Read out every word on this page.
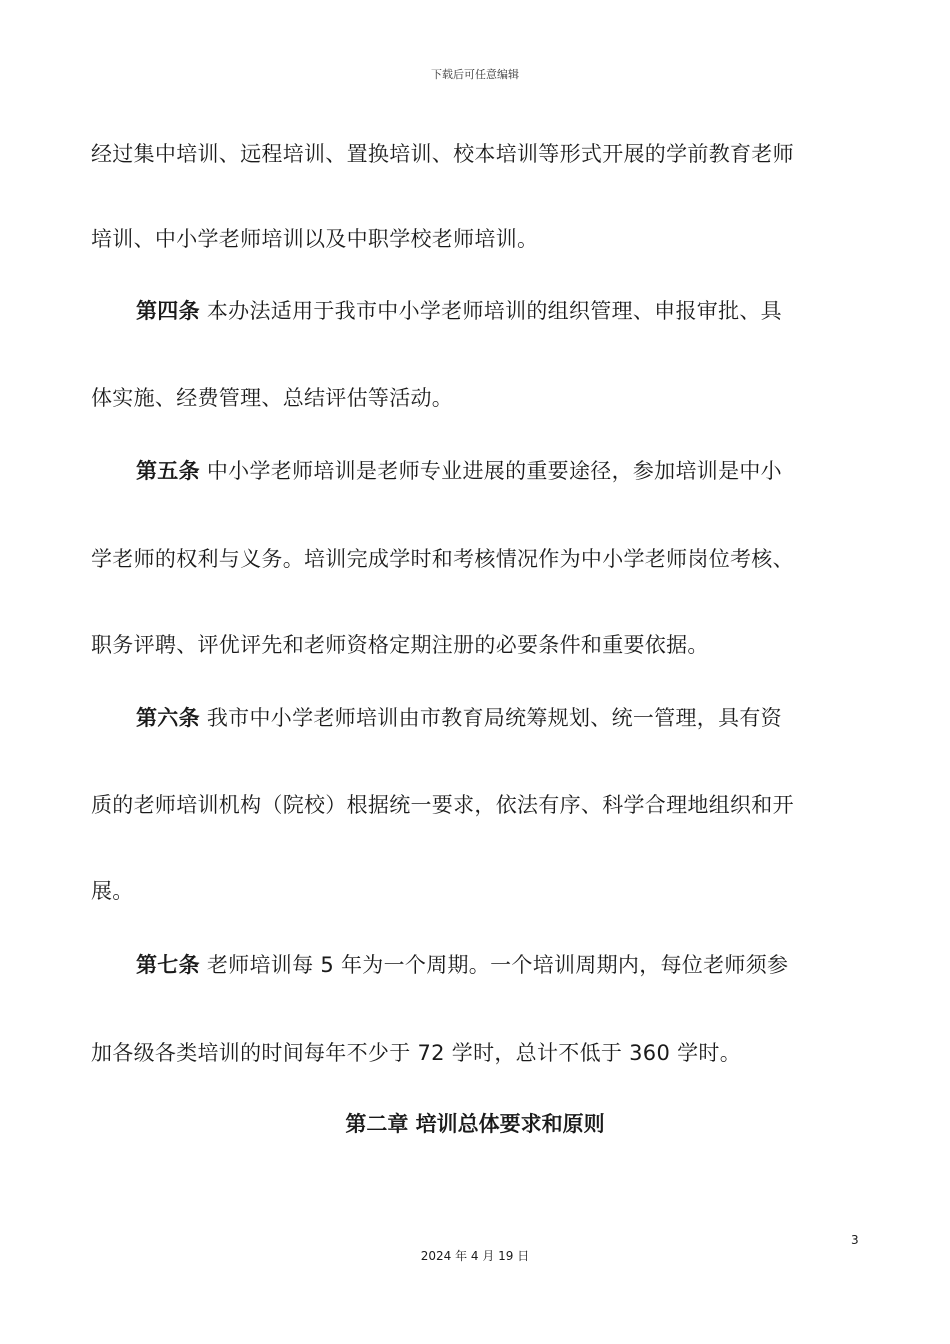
下载后可任意编辑
经过集中培训、远程培训、置换培训、校本培训等形式开展的学前教育老师
培训、中小学老师培训以及中职学校老师培训。
第四条 本办法适用于我市中小学老师培训的组织管理、申报审批、具
体实施、经费管理、总结评估等活动。
第五条 中小学老师培训是老师专业进展的重要途径，参加培训是中小
学老师的权利与义务。培训完成学时和考核情况作为中小学老师岗位考核、
职务评聘、评优评先和老师资格定期注册的必要条件和重要依据。
第六条 我市中小学老师培训由市教育局统筹规划、统一管理，具有资
质的老师培训机构（院校）根据统一要求，依法有序、科学合理地组织和开
展。
第七条 老师培训每 5 年为一个周期。一个培训周期内，每位老师须参
加各级各类培训的时间每年不少于 72 学时，总计不低于 360 学时。
第二章 培训总体要求和原则
3
2024 年 4 月 19 日
